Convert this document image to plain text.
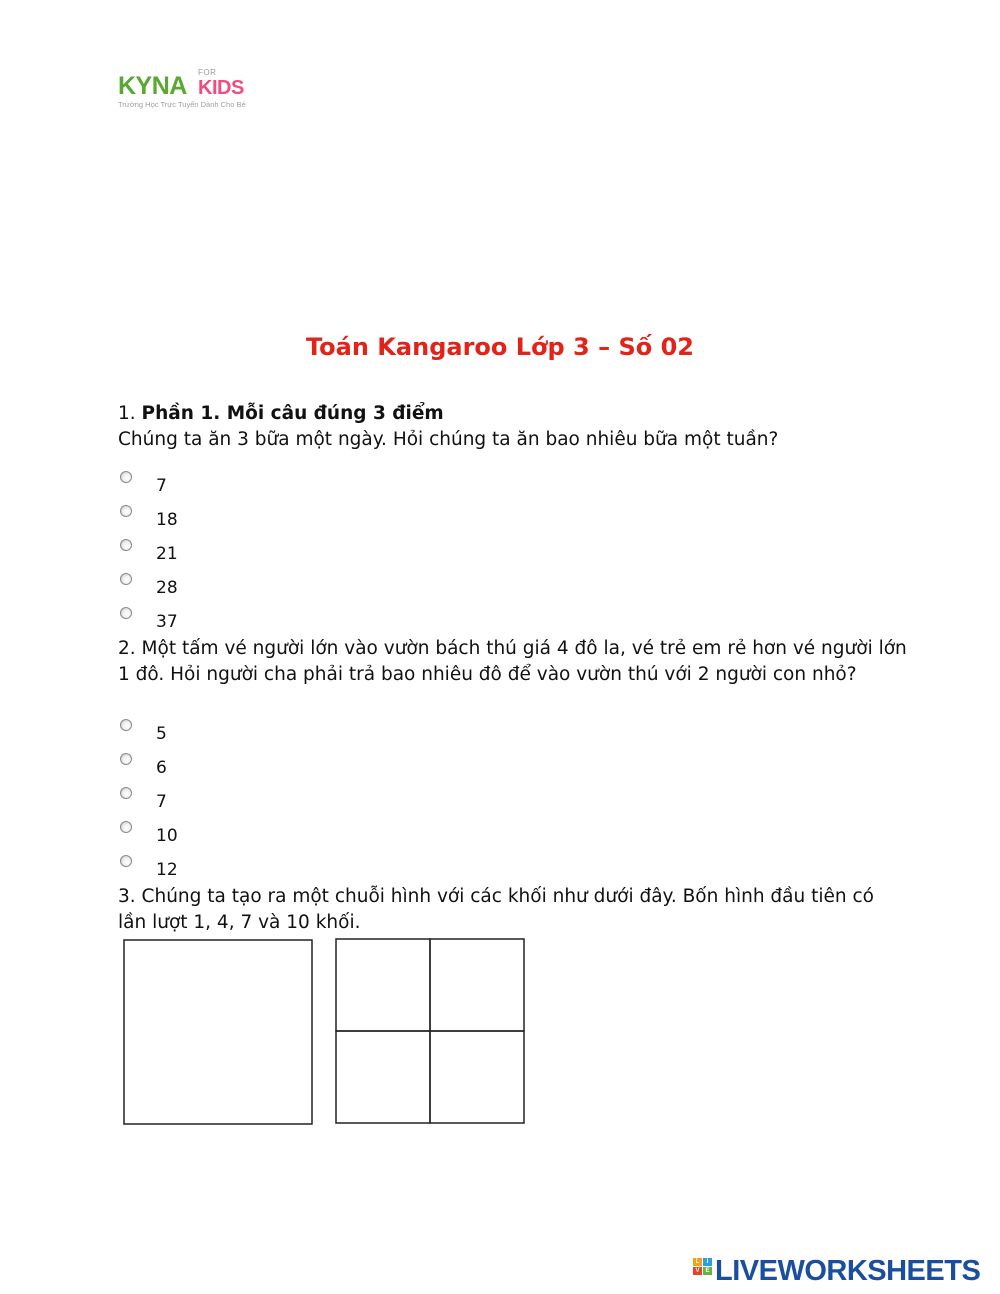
KYNA FOR
KIDS
Trường Học Trực Tuyến Dành Cho Bé
Toán Kangaroo Lớp 3 – Số 02
1. Phần 1. Mỗi câu đúng 3 điểm
Chúng ta ăn 3 bữa một ngày. Hỏi chúng ta ăn bao nhiêu bữa một tuần?
7
18
21
28
37
2. Một tấm vé người lớn vào vườn bách thú giá 4 đô la, vé trẻ em rẻ hơn vé người lớn 1 đô. Hỏi người cha phải trả bao nhiêu đô để vào vườn thú với 2 người con nhỏ?
5
6
7
10
12
3. Chúng ta tạo ra một chuỗi hình với các khối như dưới đây. Bốn hình đầu tiên có lần lượt 1, 4, 7 và 10 khối.
L	I
V E LIVEWORKSHEETS
